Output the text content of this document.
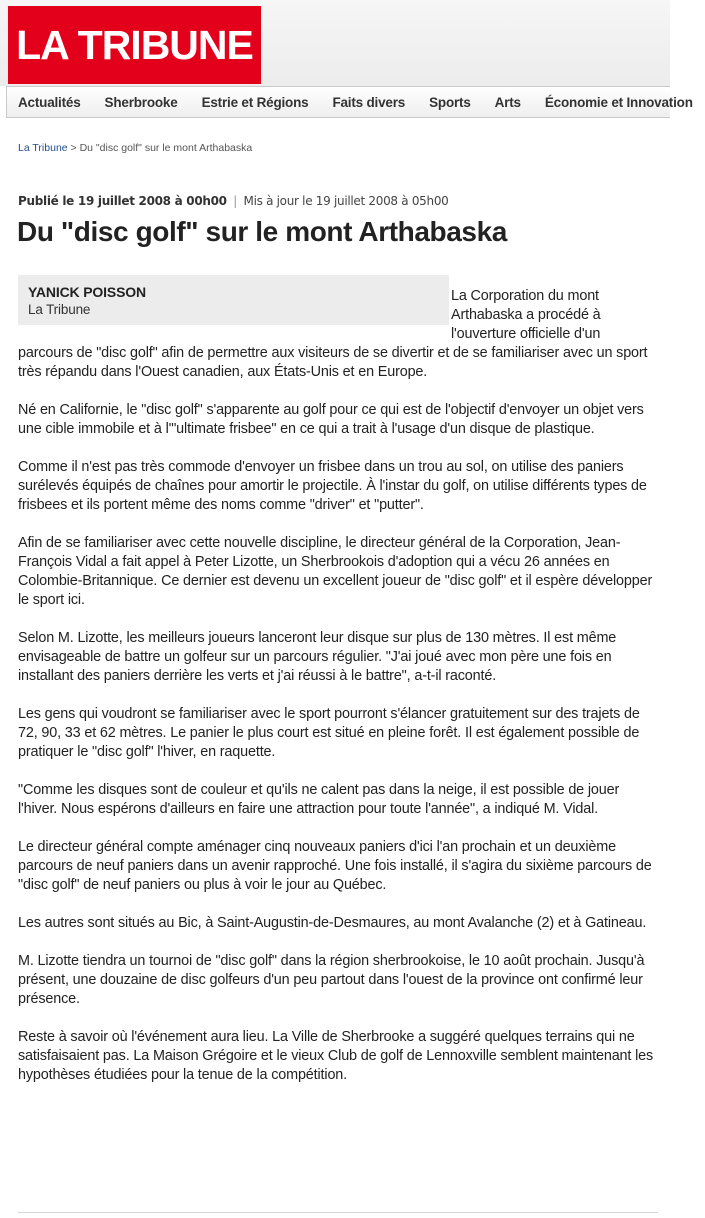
LA TRIBUNE
Actualités	Sherbrooke	Estrie et Régions	Faits divers	Sports	Arts	Économie et Innovation
La Tribune > Du "disc golf" sur le mont Arthabaska
Publié le 19 juillet 2008 à 00h00 | Mis à jour le 19 juillet 2008 à 05h00
Du "disc golf" sur le mont Arthabaska
YANICK POISSON
La Tribune

La Corporation du mont Arthabaska a procédé à l'ouverture officielle d'un parcours de "disc golf" afin de permettre aux visiteurs de se divertir et de se familiariser avec un sport très répandu dans l'Ouest canadien, aux États-Unis et en Europe.

Né en Californie, le "disc golf" s'apparente au golf pour ce qui est de l'objectif d'envoyer un objet vers une cible immobile et à l'"ultimate frisbee" en ce qui a trait à l'usage d'un disque de plastique.

Comme il n'est pas très commode d'envoyer un frisbee dans un trou au sol, on utilise des paniers surélevés équipés de chaînes pour amortir le projectile. À l'instar du golf, on utilise différents types de frisbees et ils portent même des noms comme "driver" et "putter".

Afin de se familiariser avec cette nouvelle discipline, le directeur général de la Corporation, Jean-François Vidal a fait appel à Peter Lizotte, un Sherbrookois d'adoption qui a vécu 26 années en Colombie-Britannique. Ce dernier est devenu un excellent joueur de "disc golf" et il espère développer le sport ici.

Selon M. Lizotte, les meilleurs joueurs lanceront leur disque sur plus de 130 mètres. Il est même envisageable de battre un golfeur sur un parcours régulier. "J'ai joué avec mon père une fois en installant des paniers derrière les verts et j'ai réussi à le battre", a-t-il raconté.

Les gens qui voudront se familiariser avec le sport pourront s'élancer gratuitement sur des trajets de 72, 90, 33 et 62 mètres. Le panier le plus court est situé en pleine forêt. Il est également possible de pratiquer le "disc golf" l'hiver, en raquette.

"Comme les disques sont de couleur et qu'ils ne calent pas dans la neige, il est possible de jouer l'hiver. Nous espérons d'ailleurs en faire une attraction pour toute l'année", a indiqué M. Vidal.

Le directeur général compte aménager cinq nouveaux paniers d'ici l'an prochain et un deuxième parcours de neuf paniers dans un avenir rapproché. Une fois installé, il s'agira du sixième parcours de "disc golf" de neuf paniers ou plus à voir le jour au Québec.

Les autres sont situés au Bic, à Saint-Augustin-de-Desmaures, au mont Avalanche (2) et à Gatineau.

M. Lizotte tiendra un tournoi de "disc golf" dans la région sherbrookoise, le 10 août prochain. Jusqu'à présent, une douzaine de disc golfeurs d'un peu partout dans l'ouest de la province ont confirmé leur présence.

Reste à savoir où l'événement aura lieu. La Ville de Sherbrooke a suggéré quelques terrains qui ne satisfaisaient pas. La Maison Grégoire et le vieux Club de golf de Lennoxville semblent maintenant les hypothèses étudiées pour la tenue de la compétition.
